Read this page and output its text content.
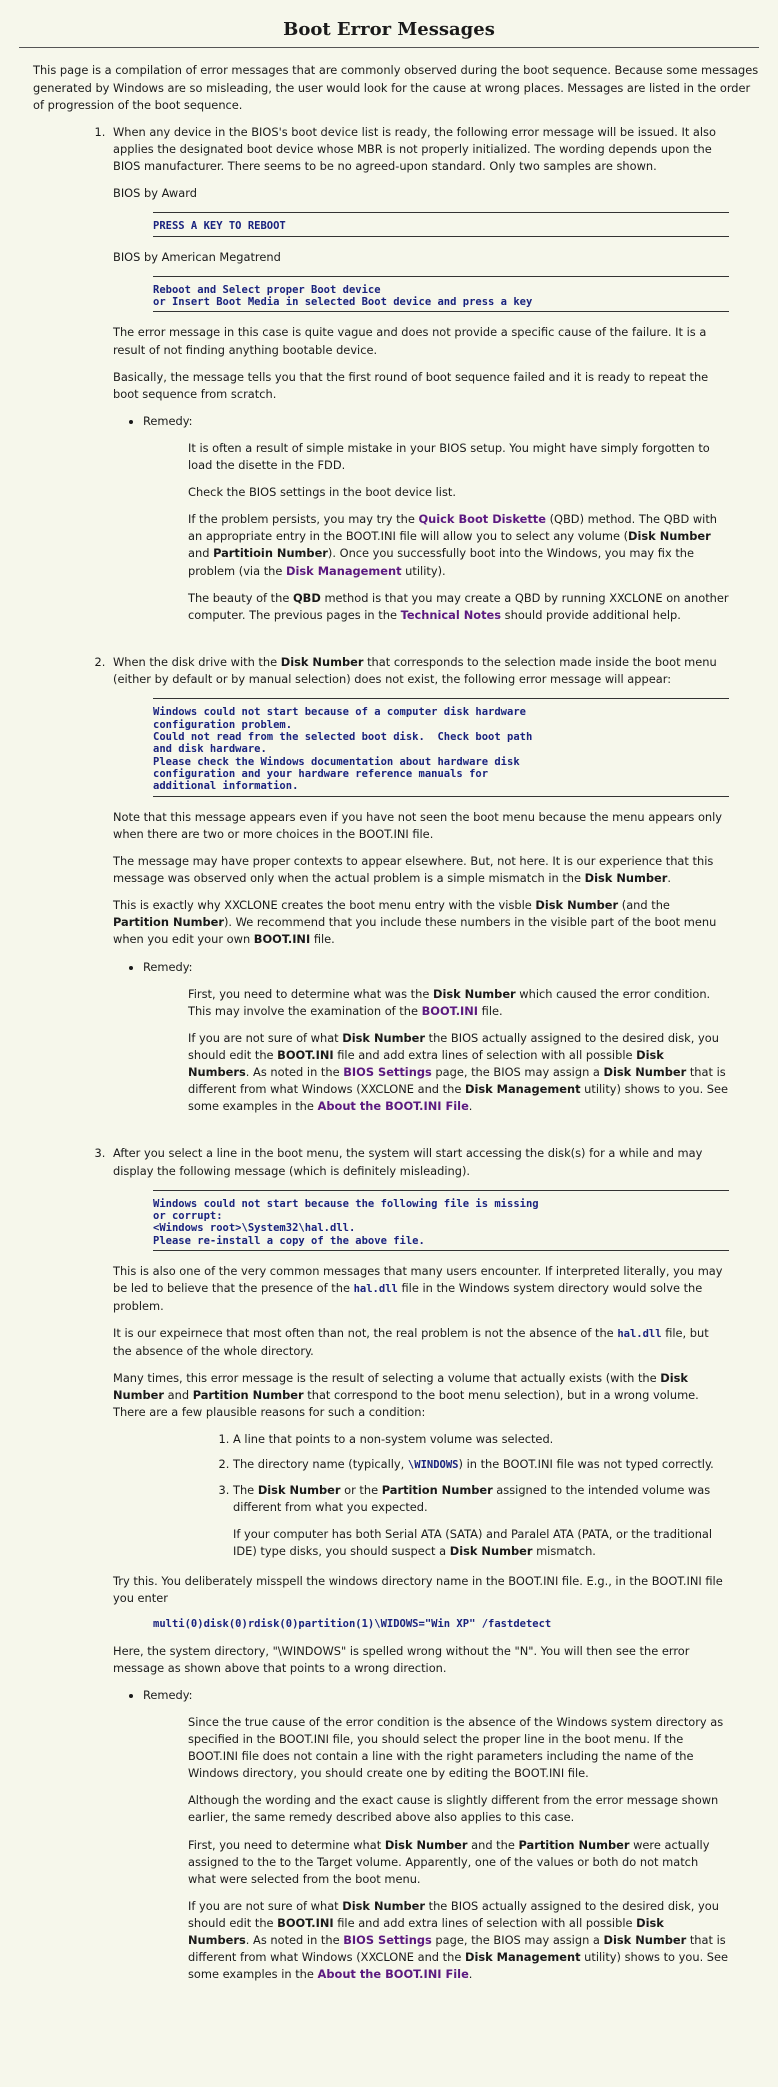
Boot Error Messages

This page is a compilation of error messages that are commonly observed during the boot sequence. Because some messages generated by Windows are so misleading, the user would look for the cause at wrong places. Messages are listed in the order of progression of the boot sequence.

1. When any device in the BIOS's boot device list is ready, the following error message will be issued. It also applies the designated boot device whose MBR is not properly initialized. The wording depends upon the BIOS manufacturer. There seems to be no agreed-upon standard. Only two samples are shown.

BIOS by Award

PRESS A KEY TO REBOOT

BIOS by American Megatrend

Reboot and Select proper Boot device
or Insert Boot Media in selected Boot device and press a key

The error message in this case is quite vague and does not provide a specific cause of the failure. It is a result of not finding anything bootable device.

Basically, the message tells you that the first round of boot sequence failed and it is ready to repeat the boot sequence from scratch.

• Remedy:

It is often a result of simple mistake in your BIOS setup. You might have simply forgotten to load the disette in the FDD.

Check the BIOS settings in the boot device list.

If the problem persists, you may try the Quick Boot Diskette (QBD) method. The QBD with an appropriate entry in the BOOT.INI file will allow you to select any volume (Disk Number and Partitioin Number). Once you successfully boot into the Windows, you may fix the problem (via the Disk Management utility).

The beauty of the QBD method is that you may create a QBD by running XXCLONE on another computer. The previous pages in the Technical Notes should provide additional help.

2. When the disk drive with the Disk Number that corresponds to the selection made inside the boot menu (either by default or by manual selection) does not exist, the following error message will appear:

Windows could not start because of a computer disk hardware
configuration problem.
Could not read from the selected boot disk.  Check boot path
and disk hardware.
Please check the Windows documentation about hardware disk
configuration and your hardware reference manuals for
additional information.

Note that this message appears even if you have not seen the boot menu because the menu appears only when there are two or more choices in the BOOT.INI file.

The message may have proper contexts to appear elsewhere. But, not here. It is our experience that this message was observed only when the actual problem is a simple mismatch in the Disk Number.

This is exactly why XXCLONE creates the boot menu entry with the visble Disk Number (and the Partition Number). We recommend that you include these numbers in the visible part of the boot menu when you edit your own BOOT.INI file.

• Remedy:

First, you need to determine what was the Disk Number which caused the error condition. This may involve the examination of the BOOT.INI file.

If you are not sure of what Disk Number the BIOS actually assigned to the desired disk, you should edit the BOOT.INI file and add extra lines of selection with all possible Disk Numbers. As noted in the BIOS Settings page, the BIOS may assign a Disk Number that is different from what Windows (XXCLONE and the Disk Management utility) shows to you. See some examples in the About the BOOT.INI File.

3. After you select a line in the boot menu, the system will start accessing the disk(s) for a while and may display the following message (which is definitely misleading).

Windows could not start because the following file is missing
or corrupt:
<Windows root>\System32\hal.dll.
Please re-install a copy of the above file.

This is also one of the very common messages that many users encounter. If interpreted literally, you may be led to believe that the presence of the hal.dll file in the Windows system directory would solve the problem.

It is our expeirnece that most often than not, the real problem is not the absence of the hal.dll file, but the absence of the whole directory.

Many times, this error message is the result of selecting a volume that actually exists (with the Disk Number and Partition Number that correspond to the boot menu selection), but in a wrong volume. There are a few plausible reasons for such a condition:

1. A line that points to a non-system volume was selected.
2. The directory name (typically, \WINDOWS) in the BOOT.INI file was not typed correctly.
3. The Disk Number or the Partition Number assigned to the intended volume was different from what you expected.

If your computer has both Serial ATA (SATA) and Paralel ATA (PATA, or the traditional IDE) type disks, you should suspect a Disk Number mismatch.

Try this. You deliberately misspell the windows directory name in the BOOT.INI file. E.g., in the BOOT.INI file you enter

multi(0)disk(0)rdisk(0)partition(1)\WIDOWS="Win XP" /fastdetect

Here, the system directory, "\WINDOWS" is spelled wrong without the "N". You will then see the error message as shown above that points to a wrong direction.

• Remedy:

Since the true cause of the error condition is the absence of the Windows system directory as specified in the BOOT.INI file, you should select the proper line in the boot menu. If the BOOT.INI file does not contain a line with the right parameters including the name of the Windows directory, you should create one by editing the BOOT.INI file.

Although the wording and the exact cause is slightly different from the error message shown earlier, the same remedy described above also applies to this case.

First, you need to determine what Disk Number and the Partition Number were actually assigned to the to the Target volume. Apparently, one of the values or both do not match what were selected from the boot menu.

If you are not sure of what Disk Number the BIOS actually assigned to the desired disk, you should edit the BOOT.INI file and add extra lines of selection with all possible Disk Numbers. As noted in the BIOS Settings page, the BIOS may assign a Disk Number that is different from what Windows (XXCLONE and the Disk Management utility) shows to you. See some examples in the About the BOOT.INI File.
